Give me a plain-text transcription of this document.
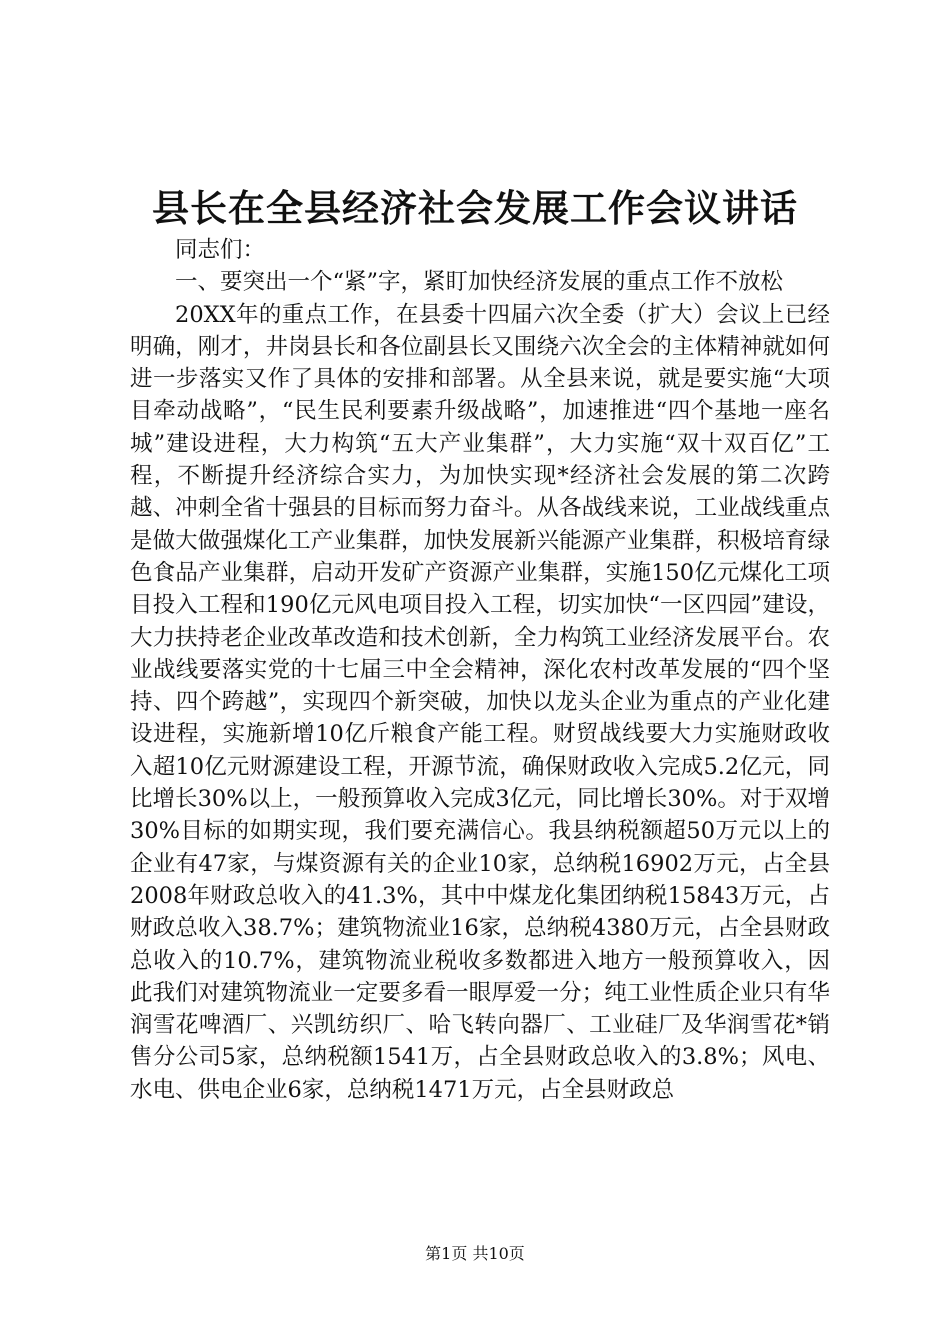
县长在全县经济社会发展工作会议讲话

同志们：

一、要突出一个“紧”字，紧盯加快经济发展的重点工作不放松

20XX年的重点工作，在县委十四届六次全委（扩大）会议上已经明确，刚才，井岗县长和各位副县长又围绕六次全会的主体精神就如何进一步落实又作了具体的安排和部署。从全县来说，就是要实施“大项目牵动战略”，“民生民利要素升级战略”，加速推进“四个基地一座名城”建设进程，大力构筑“五大产业集群”，大力实施“双十双百亿”工程，不断提升经济综合实力，为加快实现*经济社会发展的第二次跨越、冲刺全省十强县的目标而努力奋斗。从各战线来说，工业战线重点是做大做强煤化工产业集群，加快发展新兴能源产业集群，积极培育绿色食品产业集群，启动开发矿产资源产业集群，实施150亿元煤化工项目投入工程和190亿元风电项目投入工程，切实加快“一区四园”建设，大力扶持老企业改革改造和技术创新，全力构筑工业经济发展平台。农业战线要落实党的十七届三中全会精神，深化农村改革发展的“四个坚持、四个跨越”，实现四个新突破，加快以龙头企业为重点的产业化建设进程，实施新增10亿斤粮食产能工程。财贸战线要大力实施财政收入超10亿元财源建设工程，开源节流，确保财政收入完成5.2亿元，同比增长30%以上，一般预算收入完成3亿元，同比增长30%。对于双增30%目标的如期实现，我们要充满信心。我县纳税额超50万元以上的企业有47家，与煤资源有关的企业10家，总纳税16902万元，占全县2008年财政总收入的41.3%，其中中煤龙化集团纳税15843万元，占财政总收入38.7%；建筑物流业16家，总纳税4380万元，占全县财政总收入的10.7%，建筑物流业税收多数都进入地方一般预算收入，因此我们对建筑物流业一定要多看一眼厚爱一分；纯工业性质企业只有华润雪花啤酒厂、兴凯纺织厂、哈飞转向器厂、工业硅厂及华润雪花*销售分公司5家，总纳税额1541万，占全县财政总收入的3.8%；风电、水电、供电企业6家，总纳税1471万元，占全县财政总

第1页 共10页
